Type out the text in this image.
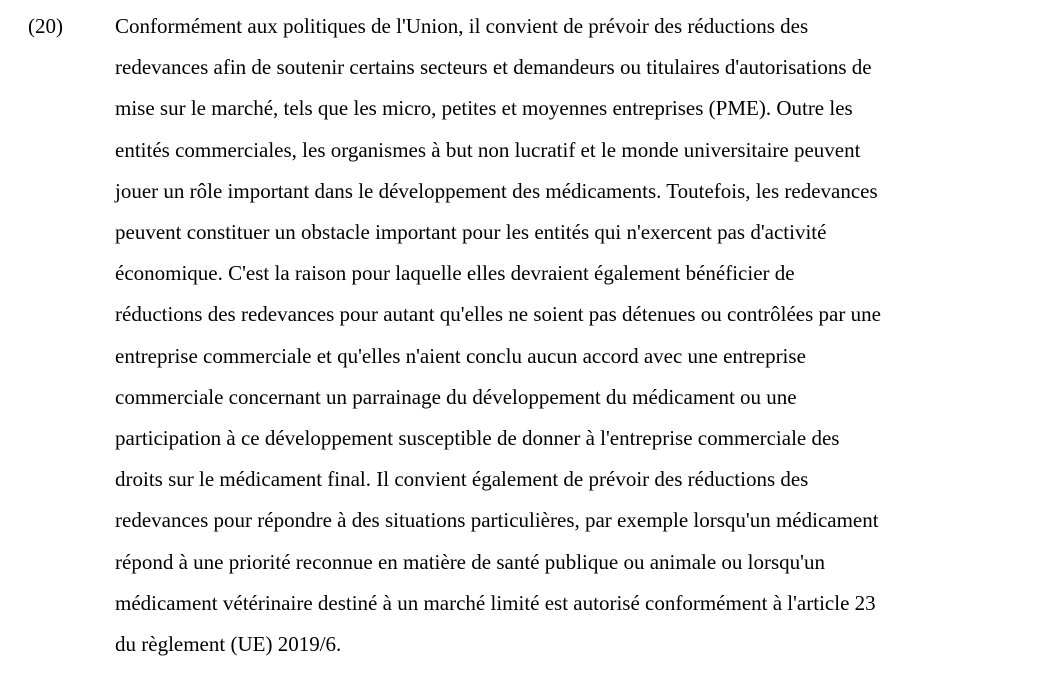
(20) Conformément aux politiques de l'Union, il convient de prévoir des réductions des
redevances afin de soutenir certains secteurs et demandeurs ou titulaires d'autorisations de
mise sur le marché, tels que les micro, petites et moyennes entreprises (PME). Outre les
entités commerciales, les organismes à but non lucratif et le monde universitaire peuvent
jouer un rôle important dans le développement des médicaments. Toutefois, les redevances
peuvent constituer un obstacle important pour les entités qui n'exercent pas d'activité
économique. C'est la raison pour laquelle elles devraient également bénéficier de
réductions des redevances pour autant qu'elles ne soient pas détenues ou contrôlées par une
entreprise commerciale et qu'elles n'aient conclu aucun accord avec une entreprise
commerciale concernant un parrainage du développement du médicament ou une
participation à ce développement susceptible de donner à l'entreprise commerciale des
droits sur le médicament final. Il convient également de prévoir des réductions des
redevances pour répondre à des situations particulières, par exemple lorsqu'un médicament
répond à une priorité reconnue en matière de santé publique ou animale ou lorsqu'un
médicament vétérinaire destiné à un marché limité est autorisé conformément à l'article 23
du règlement (UE) 2019/6.
